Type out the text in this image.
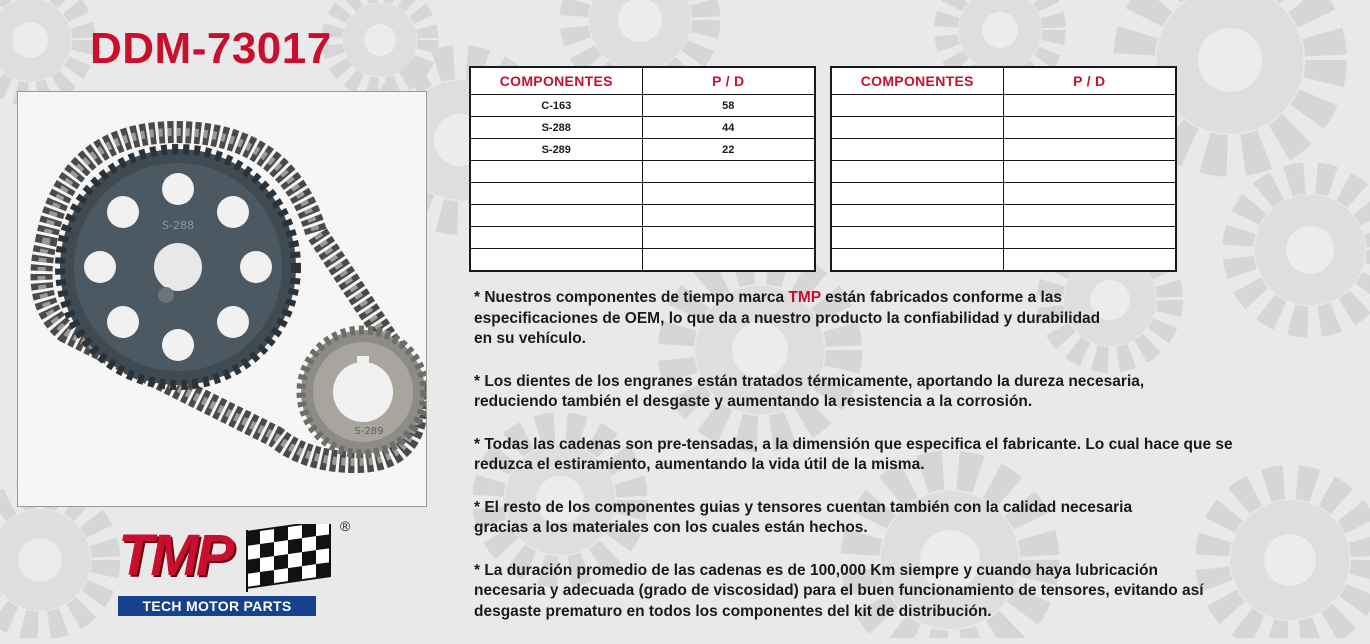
DDM-73017
S-288
S-289
TMP	®
TECH MOTOR PARTS
COMPONENTES	P / D
C-163	58
S-288	44
S-289	22

COMPONENTES	P / D

* Nuestros componentes de tiempo marca TMP están fabricados conforme a las
especificaciones de OEM, lo que da a nuestro producto la confiabilidad y durabilidad
en su vehículo.

* Los dientes de los engranes están tratados térmicamente, aportando la dureza necesaria,
reduciendo también el desgaste y aumentando la resistencia a la corrosión.

* Todas las cadenas son pre-tensadas, a la dimensión que especifica el fabricante. Lo cual hace que se
reduzca el estiramiento, aumentando la vida útil de la misma.

* El resto de los componentes guias y tensores cuentan también con la calidad necesaria
gracias a los materiales con los cuales están hechos.

* La duración promedio de las cadenas es de 100,000 Km siempre y cuando haya lubricación
necesaria y adecuada (grado de viscosidad) para el buen funcionamiento de tensores, evitando así
desgaste prematuro en todos los componentes del kit de distribución.
